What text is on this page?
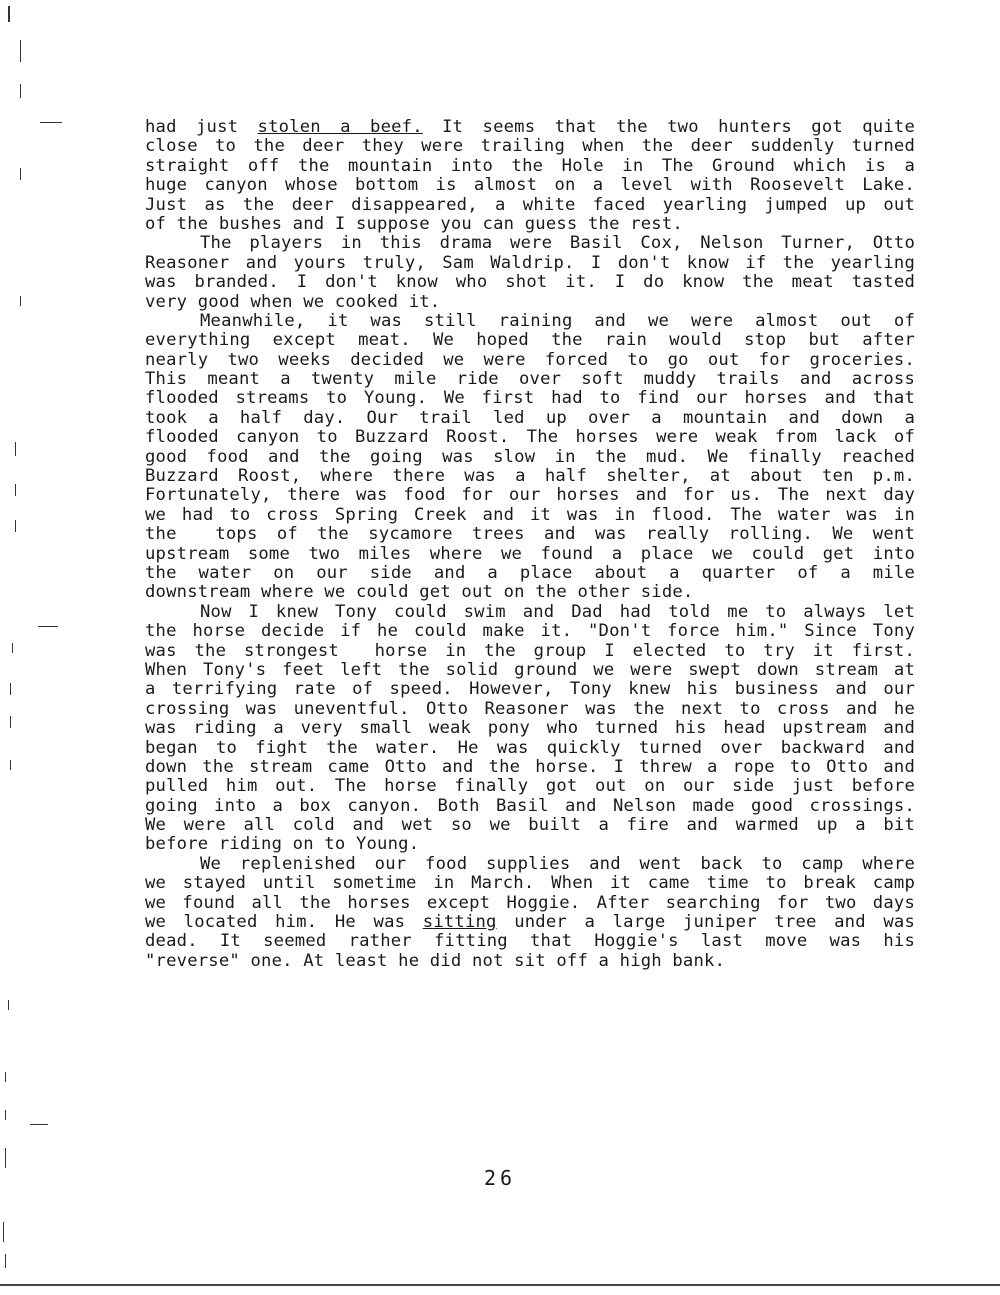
had just stolen a beef. It seems that the two hunters got quite
close to the deer they were trailing when the deer suddenly turned
straight off the mountain into the Hole in The Ground which is a
huge canyon whose bottom is almost on a level with Roosevelt Lake.
Just as the deer disappeared, a white faced yearling jumped up out
of the bushes and I suppose you can guess the rest.
The players in this drama were Basil Cox, Nelson Turner, Otto
Reasoner and yours truly, Sam Waldrip. I don't know if the yearling
was branded. I don't know who shot it. I do know the meat tasted
very good when we cooked it.
Meanwhile, it was still raining and we were almost out of
everything except meat. We hoped the rain would stop but after
nearly two weeks decided we were forced to go out for groceries.
This meant a twenty mile ride over soft muddy trails and across
flooded streams to Young. We first had to find our horses and that
took a half day. Our trail led up over a mountain and down a
flooded canyon to Buzzard Roost. The horses were weak from lack of
good food and the going was slow in the mud. We finally reached
Buzzard Roost, where there was a half shelter, at about ten p.m.
Fortunately, there was food for our horses and for us. The next day
we had to cross Spring Creek and it was in flood. The water was in
the  tops of the sycamore trees and was really rolling. We went
upstream some two miles where we found a place we could get into
the water on our side and a place about a quarter of a mile
downstream where we could get out on the other side.
Now I knew Tony could swim and Dad had told me to always let
the horse decide if he could make it. "Don't force him." Since Tony
was the strongest  horse in the group I elected to try it first.
When Tony's feet left the solid ground we were swept down stream at
a terrifying rate of speed. However, Tony knew his business and our
crossing was uneventful. Otto Reasoner was the next to cross and he
was riding a very small weak pony who turned his head upstream and
began to fight the water. He was quickly turned over backward and
down the stream came Otto and the horse. I threw a rope to Otto and
pulled him out. The horse finally got out on our side just before
going into a box canyon. Both Basil and Nelson made good crossings.
We were all cold and wet so we built a fire and warmed up a bit
before riding on to Young.
We replenished our food supplies and went back to camp where
we stayed until sometime in March. When it came time to break camp
we found all the horses except Hoggie. After searching for two days
we located him. He was sitting under a large juniper tree and was
dead. It seemed rather fitting that Hoggie's last move was his
"reverse" one. At least he did not sit off a high bank.
26
